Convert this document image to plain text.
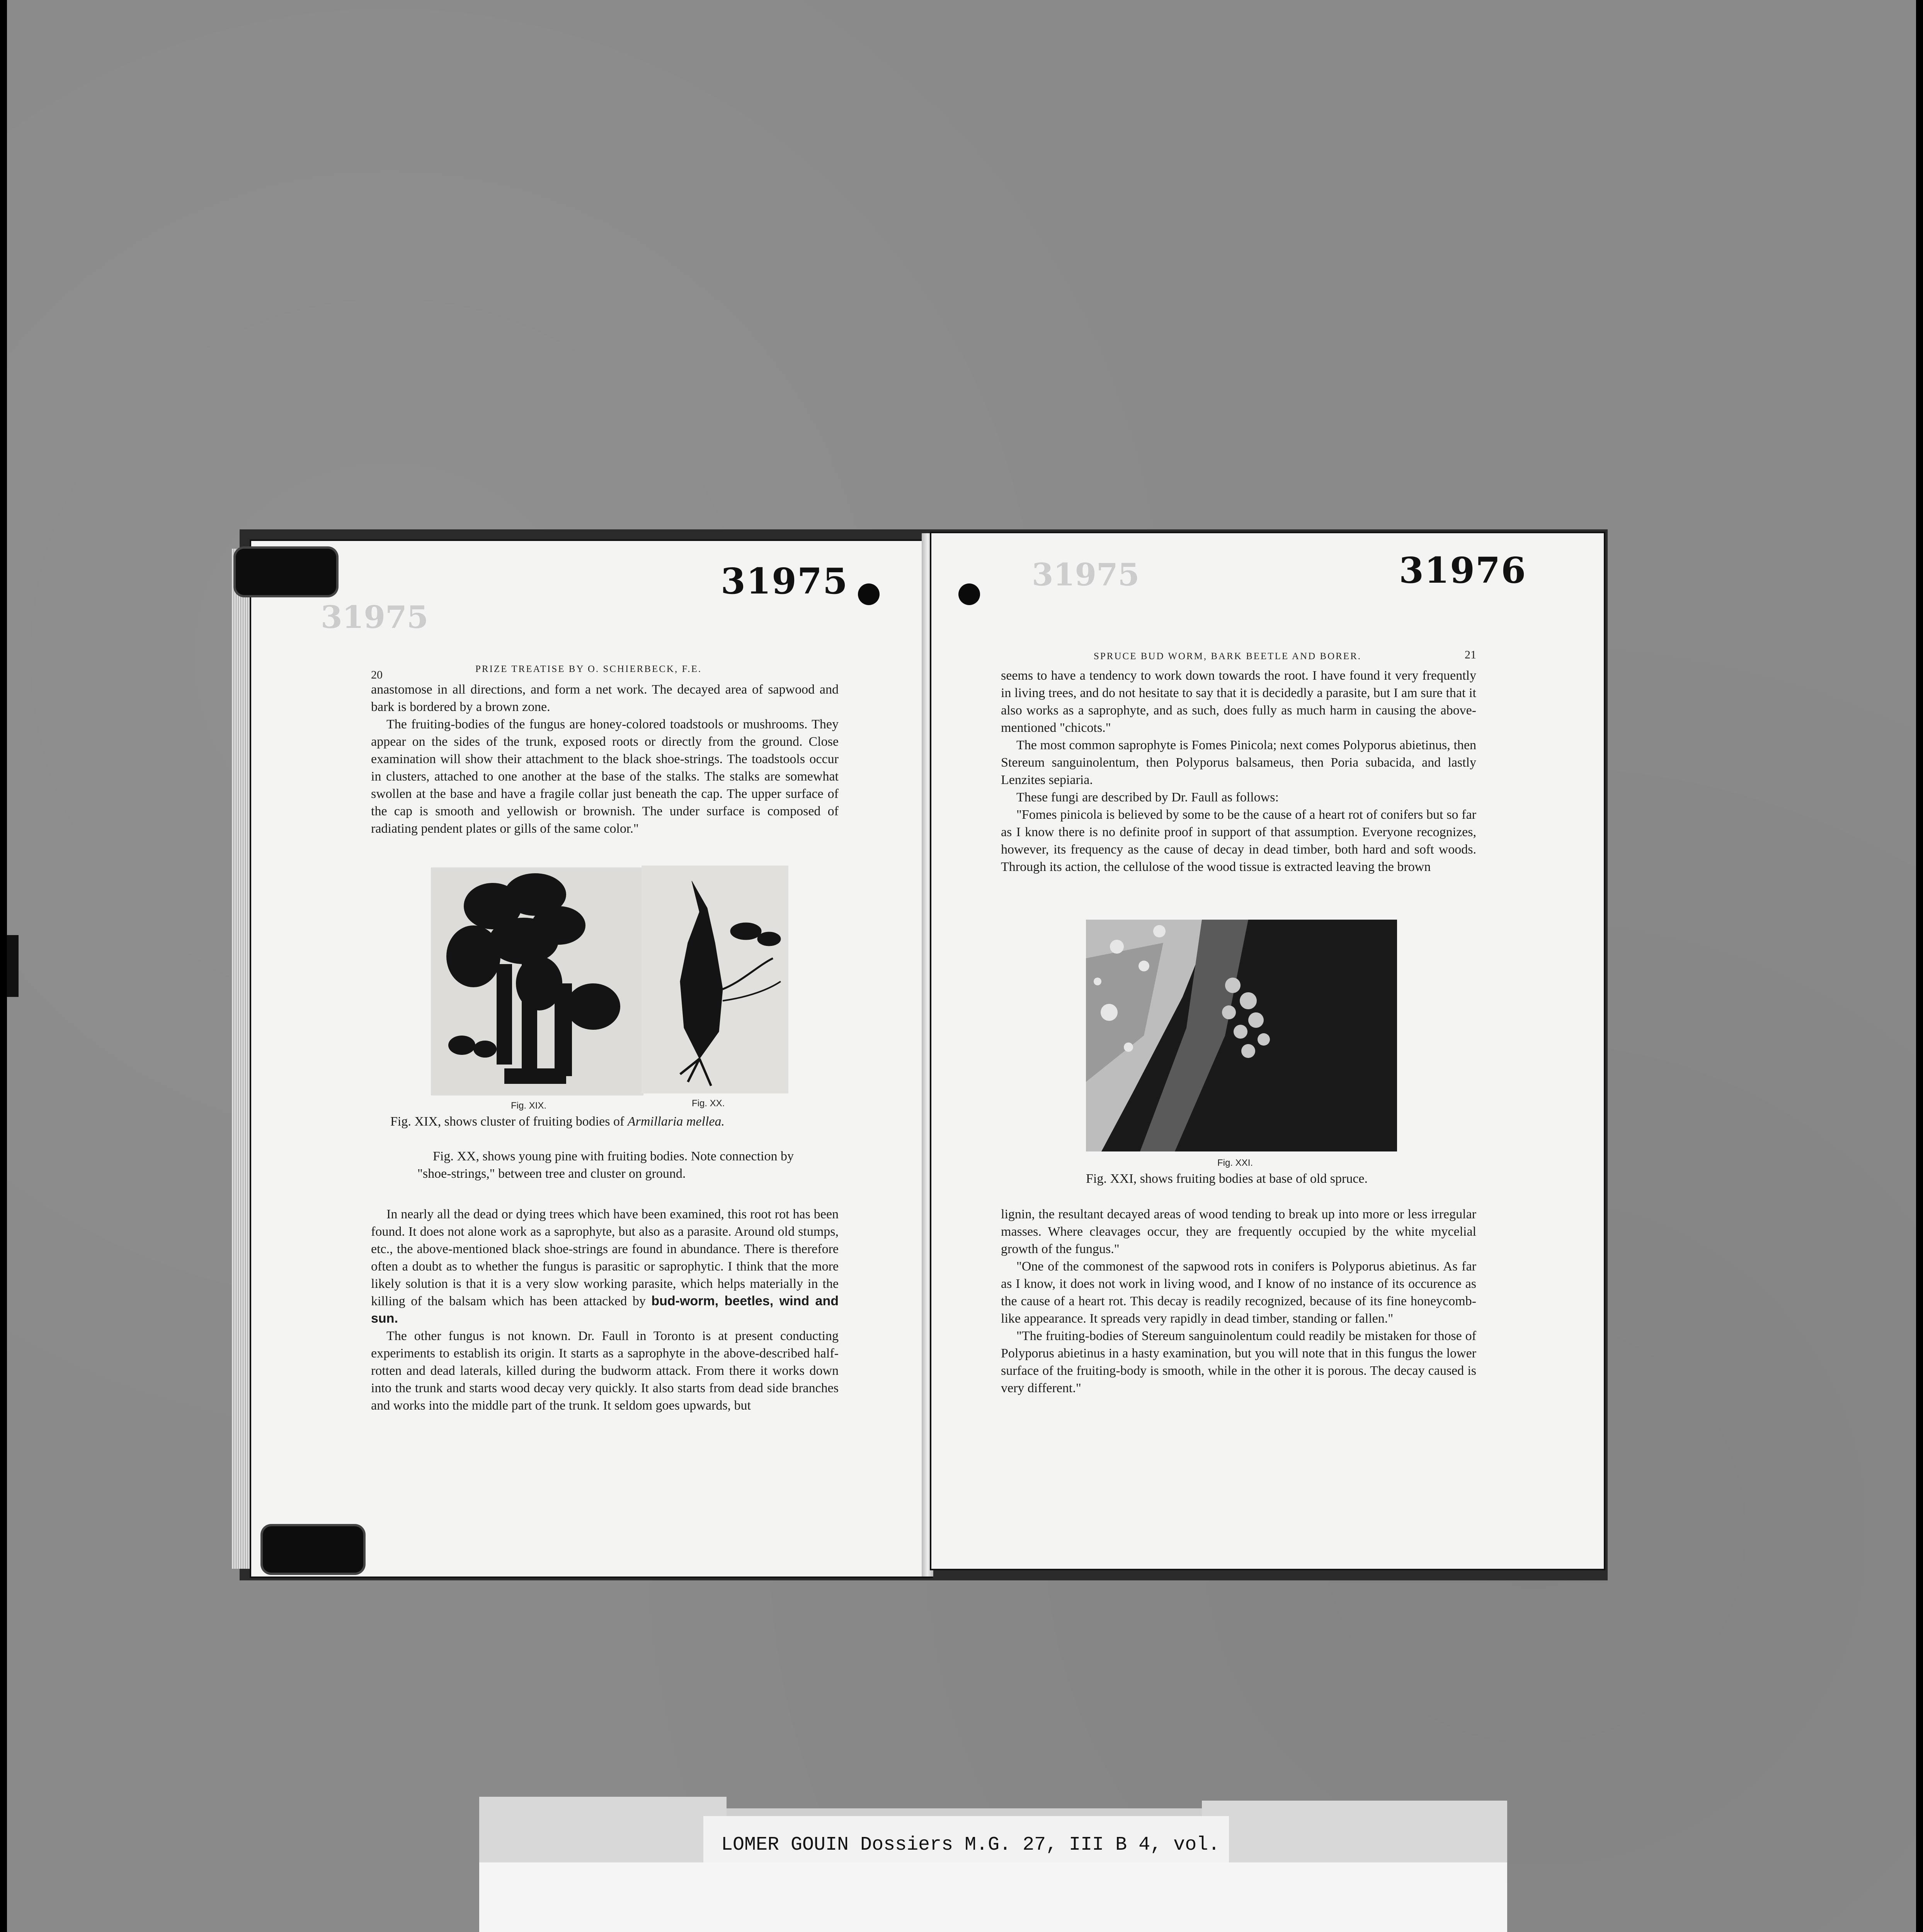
31975
31975
20	PRIZE TREATISE BY O. SCHIERBECK, F.E.

anastomose in all directions, and form a net work. The decayed area of sapwood and bark is bordered by a brown zone.

The fruiting-bodies of the fungus are honey-colored toadstools or mushrooms. They appear on the sides of the trunk, exposed roots or directly from the ground. Close examination will show their attachment to the black shoe-strings. The toadstools occur in clusters, attached to one another at the base of the stalks. The stalks are somewhat swollen at the base and have a fragile collar just beneath the cap. The upper surface of the cap is smooth and yellowish or brownish. The under surface is composed of radiating pendent plates or gills of the same color."

Fig. XIX.	Fig. XX.
Fig. XIX, shows cluster of fruiting bodies of Armillaria mellea.
Fig. XX, shows young pine with fruiting bodies. Note connection by "shoe-strings," between tree and cluster on ground.

In nearly all the dead or dying trees which have been examined, this root rot has been found. It does not alone work as a saprophyte, but also as a parasite. Around old stumps, etc., the above-mentioned black shoe-strings are found in abundance. There is therefore often a doubt as to whether the fungus is parasitic or saprophytic. I think that the more likely solution is that it is a very slow working parasite, which helps materially in the killing of the balsam which has been attacked by bud-worm, beetles, wind and sun.

The other fungus is not known. Dr. Faull in Toronto is at present conducting experiments to establish its origin. It starts as a saprophyte in the above-described half-rotten and dead laterals, killed during the budworm attack. From there it works down into the trunk and starts wood decay very quickly. It also starts from dead side branches and works into the middle part of the trunk. It seldom goes upwards, but

31975	31976
SPRUCE BUD WORM, BARK BEETLE AND BORER.	21

seems to have a tendency to work down towards the root. I have found it very frequently in living trees, and do not hesitate to say that it is decidedly a parasite, but I am sure that it also works as a saprophyte, and as such, does fully as much harm in causing the above-mentioned "chicots."

The most common saprophyte is Fomes Pinicola; next comes Polyporus abietinus, then Stereum sanguinolentum, then Polyporus balsameus, then Poria subacida, and lastly Lenzites sepiaria.

These fungi are described by Dr. Faull as follows:

"Fomes pinicola is believed by some to be the cause of a heart rot of conifers but so far as I know there is no definite proof in support of that assumption. Everyone recognizes, however, its frequency as the cause of decay in dead timber, both hard and soft woods. Through its action, the cellulose of the wood tissue is extracted leaving the brown

Fig. XXI.
Fig. XXI, shows fruiting bodies at base of old spruce.

lignin, the resultant decayed areas of wood tending to break up into more or less irregular masses. Where cleavages occur, they are frequently occupied by the white mycelial growth of the fungus."

"One of the commonest of the sapwood rots in conifers is Polyporus abietinus. As far as I know, it does not work in living wood, and I know of no instance of its occurence as the cause of a heart rot. This decay is readily recognized, because of its fine honeycomb-like appearance. It spreads very rapidly in dead timber, standing or fallen."

"The fruiting-bodies of Stereum sanguinolentum could readily be mistaken for those of Polyporus abietinus in a hasty examination, but you will note that in this fungus the lower surface of the fruiting-body is smooth, while in the other it is porous. The decay caused is very different."

LOMER GOUIN Dossiers M.G. 27, III B 4, vol.
